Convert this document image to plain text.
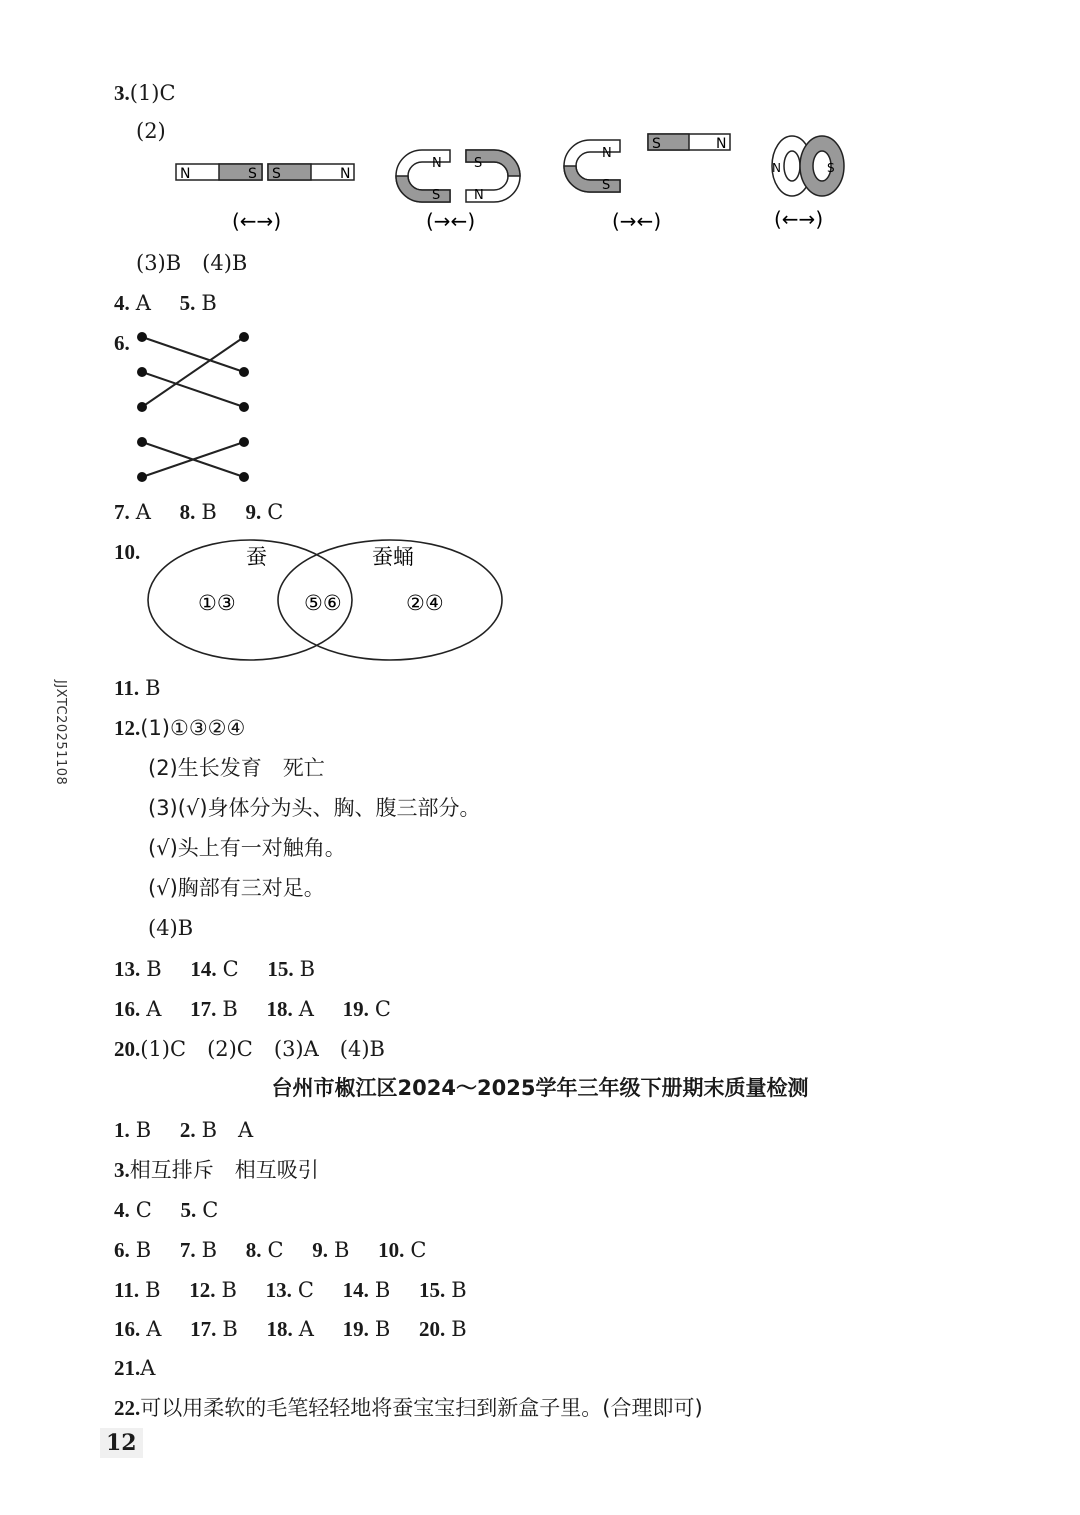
JJXTC20251108
3.(1)C
(2)
N	S S	N
N
S
S
N
N
S
S	N
N	S
(←→)	(→←)	(→←)	(←→)
(3)B　(4)B
4. A 5. B
6.
7. A 8. B 9. C
10.	蚕	蚕蛹
①③	⑤⑥	②④
11. B
12.(1)①③②④
(2)生长发育　死亡
(3)(√)身体分为头、胸、腹三部分。
(√)头上有一对触角。
(√)胸部有三对足。
(4)B
13. B 14. C 15. B
16. A 17. B 18. A 19. C
20.(1)C　(2)C　(3)A　(4)B
台州市椒江区2024～2025学年三年级下册期末质量检测
1. B 2. B　A
3.相互排斥　相互吸引
4. C 5. C
6. B 7. B 8. C 9. B 10. C
11. B 12. B 13. C 14. B 15. B
16. A 17. B 18. A 19. B 20. B
21.A
22.可以用柔软的毛笔轻轻地将蚕宝宝扫到新盒子里。(合理即可)
12
